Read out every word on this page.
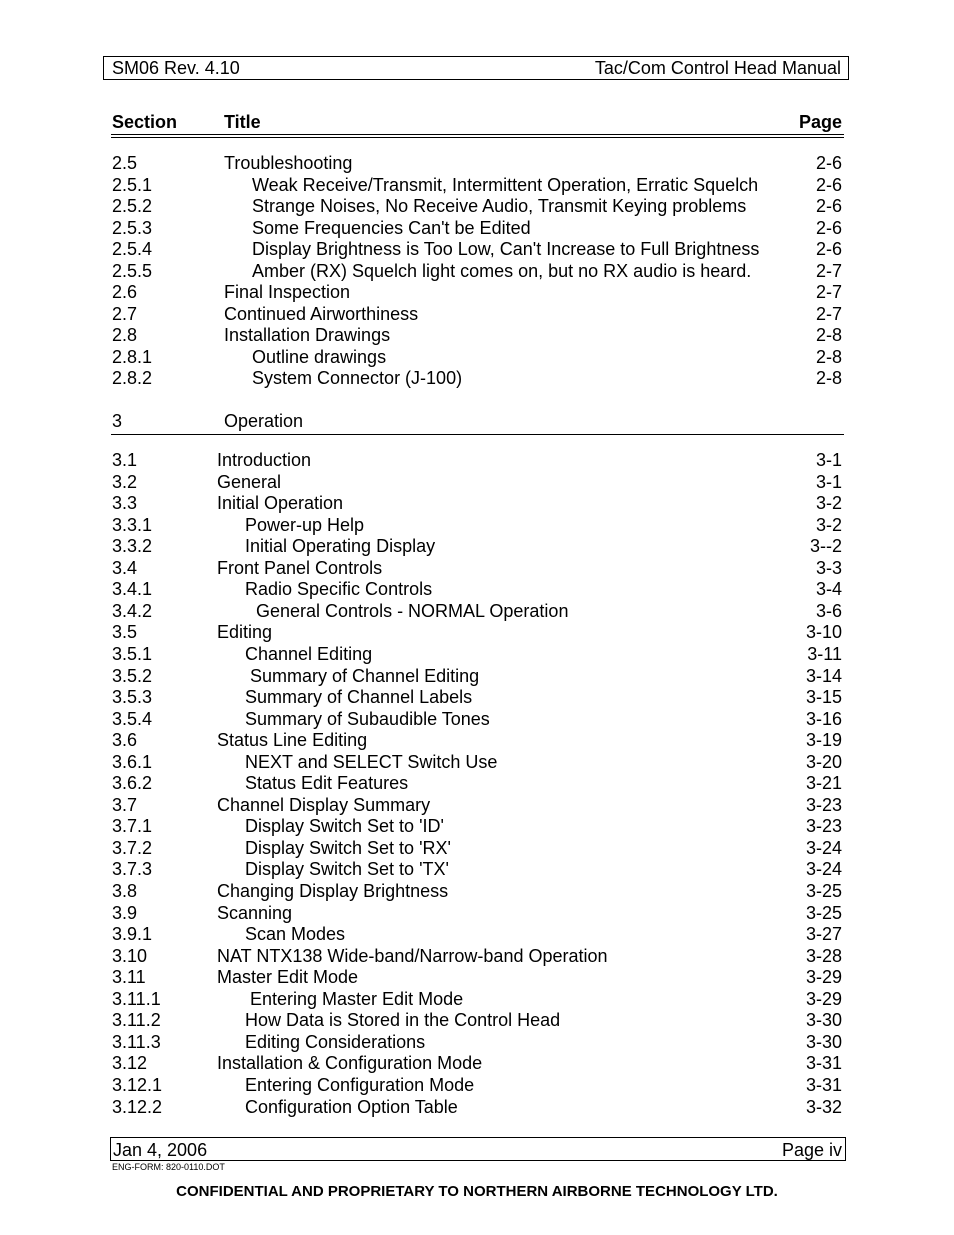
SM06 Rev. 4.10	Tac/Com Control Head Manual
Section	Title	Page
2.5	Troubleshooting	2-6
2.5.1	Weak Receive/Transmit, Intermittent Operation, Erratic Squelch	2-6
2.5.2	Strange Noises, No Receive Audio, Transmit Keying problems	2-6
2.5.3	Some Frequencies Can't be Edited	2-6
2.5.4	Display Brightness is Too Low, Can't Increase to Full Brightness	2-6
2.5.5	Amber (RX) Squelch light comes on, but no RX audio is heard.	2-7
2.6	Final Inspection	2-7
2.7	Continued Airworthiness	2-7
2.8	Installation Drawings	2-8
2.8.1	Outline drawings	2-8
2.8.2	System Connector (J-100)	2-8
3	Operation
3.1	Introduction	3-1
3.2	General	3-1
3.3	Initial Operation	3-2
3.3.1	Power-up Help	3-2
3.3.2	Initial Operating Display	3--2
3.4	Front Panel Controls	3-3
3.4.1	Radio Specific Controls	3-4
3.4.2	General Controls - NORMAL Operation	3-6
3.5	Editing	3-10
3.5.1	Channel Editing	3-11
3.5.2	Summary of Channel Editing	3-14
3.5.3	Summary of Channel Labels	3-15
3.5.4	Summary of Subaudible Tones	3-16
3.6	Status Line Editing	3-19
3.6.1	NEXT and SELECT Switch Use	3-20
3.6.2	Status Edit Features	3-21
3.7	Channel Display Summary	3-23
3.7.1	Display Switch Set to 'ID'	3-23
3.7.2	Display Switch Set to 'RX'	3-24
3.7.3	Display Switch Set to 'TX'	3-24
3.8	Changing Display Brightness	3-25
3.9	Scanning	3-25
3.9.1	Scan Modes	3-27
3.10	NAT NTX138 Wide-band/Narrow-band Operation	3-28
3.11	Master Edit Mode	3-29
3.11.1	Entering Master Edit Mode	3-29
3.11.2	How Data is Stored in the Control Head	3-30
3.11.3	Editing Considerations	3-30
3.12	Installation & Configuration Mode	3-31
3.12.1	Entering Configuration Mode	3-31
3.12.2	Configuration Option Table	3-32
Jan 4, 2006	Page iv
ENG-FORM: 820-0110.DOT
CONFIDENTIAL AND PROPRIETARY TO NORTHERN AIRBORNE TECHNOLOGY LTD.
